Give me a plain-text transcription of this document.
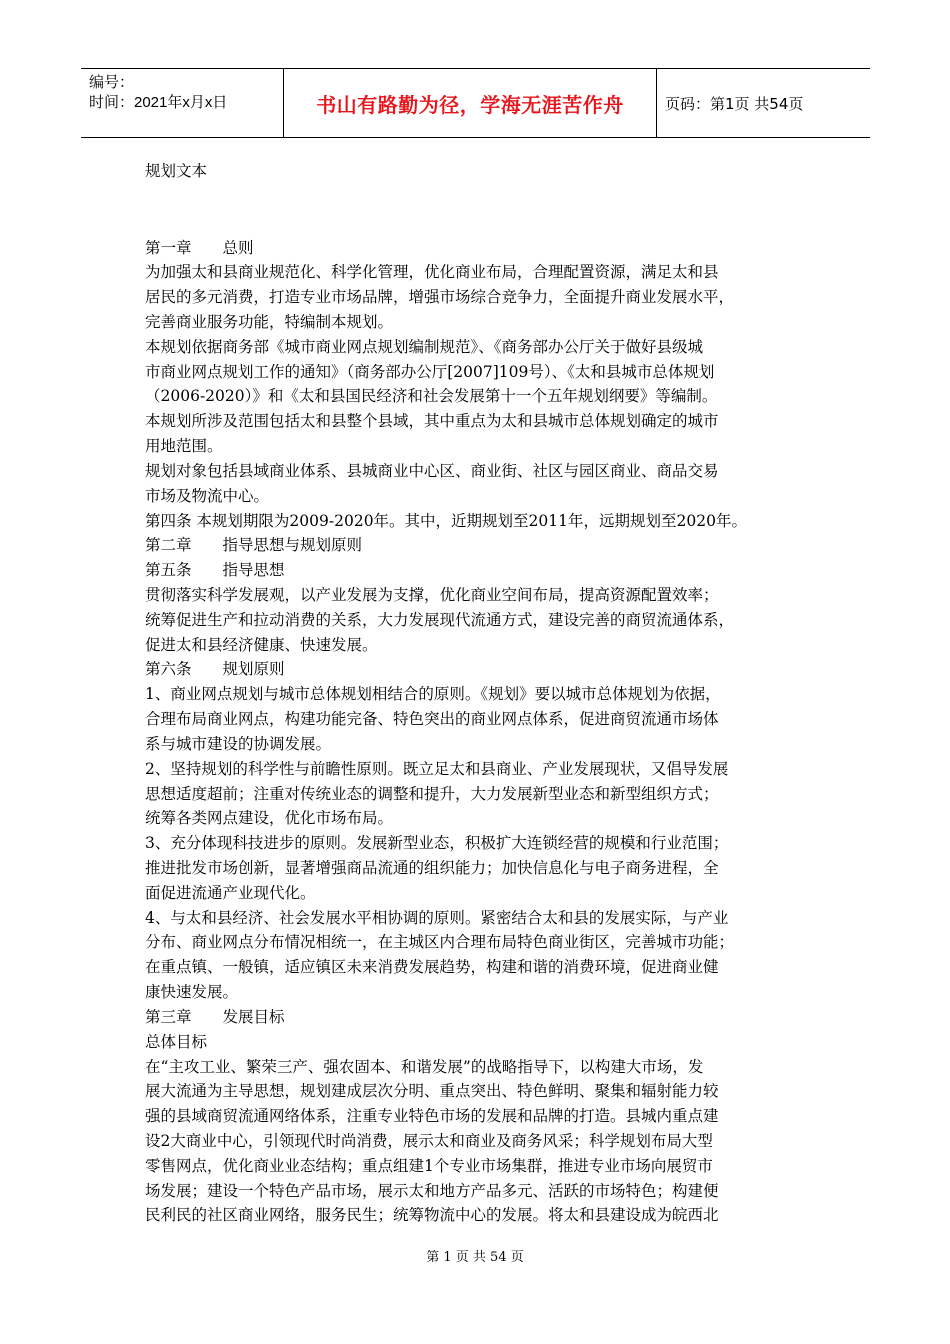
编号：
时间：2021年x月x日	书山有路勤为径，学海无涯苦作舟	页码：第1页 共54页
规划文本
第一章　　总则
为加强太和县商业规范化、科学化管理，优化商业布局，合理配置资源，满足太和县
居民的多元消费，打造专业市场品牌，增强市场综合竞争力，全面提升商业发展水平，
完善商业服务功能，特编制本规划。
本规划依据商务部《城市商业网点规划编制规范》、《商务部办公厅关于做好县级城
市商业网点规划工作的通知》（商务部办公厅[2007]109号）、《太和县城市总体规划
（2006-2020）》和《太和县国民经济和社会发展第十一个五年规划纲要》等编制。
本规划所涉及范围包括太和县整个县域，其中重点为太和县城市总体规划确定的城市
用地范围。
规划对象包括县域商业体系、县城商业中心区、商业街、社区与园区商业、商品交易
市场及物流中心。
第四条 本规划期限为2009-2020年。其中，近期规划至2011年，远期规划至2020年。
第二章　　指导思想与规划原则
第五条　　指导思想
贯彻落实科学发展观，以产业发展为支撑，优化商业空间布局，提高资源配置效率；
统筹促进生产和拉动消费的关系，大力发展现代流通方式，建设完善的商贸流通体系，
促进太和县经济健康、快速发展。
第六条　　规划原则
1、商业网点规划与城市总体规划相结合的原则。《规划》要以城市总体规划为依据，
合理布局商业网点，构建功能完备、特色突出的商业网点体系，促进商贸流通市场体
系与城市建设的协调发展。
2、坚持规划的科学性与前瞻性原则。既立足太和县商业、产业发展现状，又倡导发展
思想适度超前；注重对传统业态的调整和提升，大力发展新型业态和新型组织方式；
统筹各类网点建设，优化市场布局。
3、充分体现科技进步的原则。发展新型业态，积极扩大连锁经营的规模和行业范围；
推进批发市场创新，显著增强商品流通的组织能力；加快信息化与电子商务进程，全
面促进流通产业现代化。
4、与太和县经济、社会发展水平相协调的原则。紧密结合太和县的发展实际，与产业
分布、商业网点分布情况相统一，在主城区内合理布局特色商业街区，完善城市功能；
在重点镇、一般镇，适应镇区未来消费发展趋势，构建和谐的消费环境，促进商业健
康快速发展。
第三章　　发展目标
总体目标
在“主攻工业、繁荣三产、强农固本、和谐发展”的战略指导下，以构建大市场，发
展大流通为主导思想，规划建成层次分明、重点突出、特色鲜明、聚集和辐射能力较
强的县域商贸流通网络体系，注重专业特色市场的发展和品牌的打造。县城内重点建
设2大商业中心，引领现代时尚消费，展示太和商业及商务风采；科学规划布局大型
零售网点，优化商业业态结构；重点组建1个专业市场集群，推进专业市场向展贸市
场发展；建设一个特色产品市场，展示太和地方产品多元、活跃的市场特色；构建便
民利民的社区商业网络，服务民生；统筹物流中心的发展。将太和县建设成为皖西北
第 1 页 共 54 页
